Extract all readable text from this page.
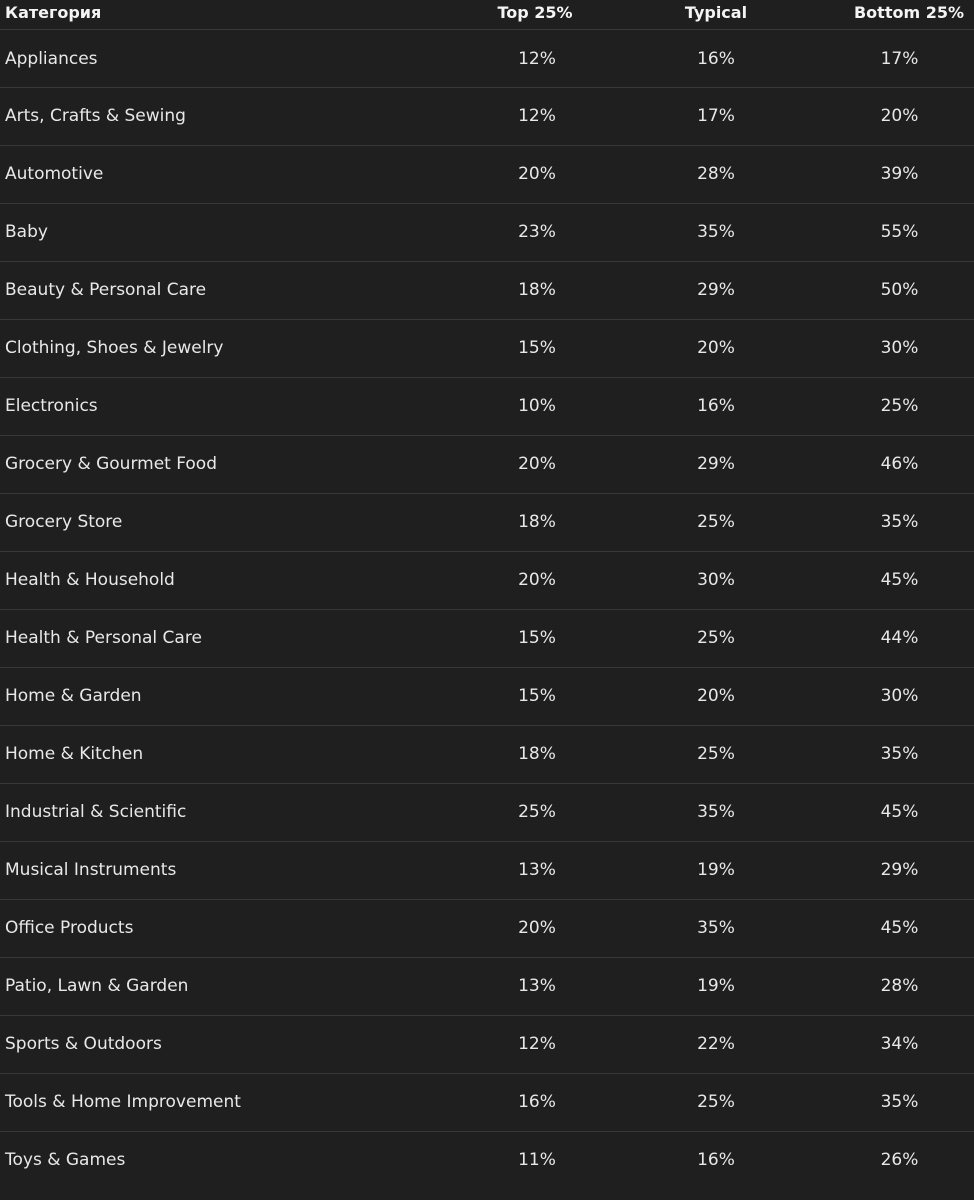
Категория	Top 25%	Typical	Bottom 25%
Appliances	12%	16%	17%
Arts, Crafts & Sewing	12%	17%	20%
Automotive	20%	28%	39%
Baby	23%	35%	55%
Beauty & Personal Care	18%	29%	50%
Clothing, Shoes & Jewelry	15%	20%	30%
Electronics	10%	16%	25%
Grocery & Gourmet Food	20%	29%	46%
Grocery Store	18%	25%	35%
Health & Household	20%	30%	45%
Health & Personal Care	15%	25%	44%
Home & Garden	15%	20%	30%
Home & Kitchen	18%	25%	35%
Industrial & Scientific	25%	35%	45%
Musical Instruments	13%	19%	29%
Office Products	20%	35%	45%
Patio, Lawn & Garden	13%	19%	28%
Sports & Outdoors	12%	22%	34%
Tools & Home Improvement	16%	25%	35%
Toys & Games	11%	16%	26%
